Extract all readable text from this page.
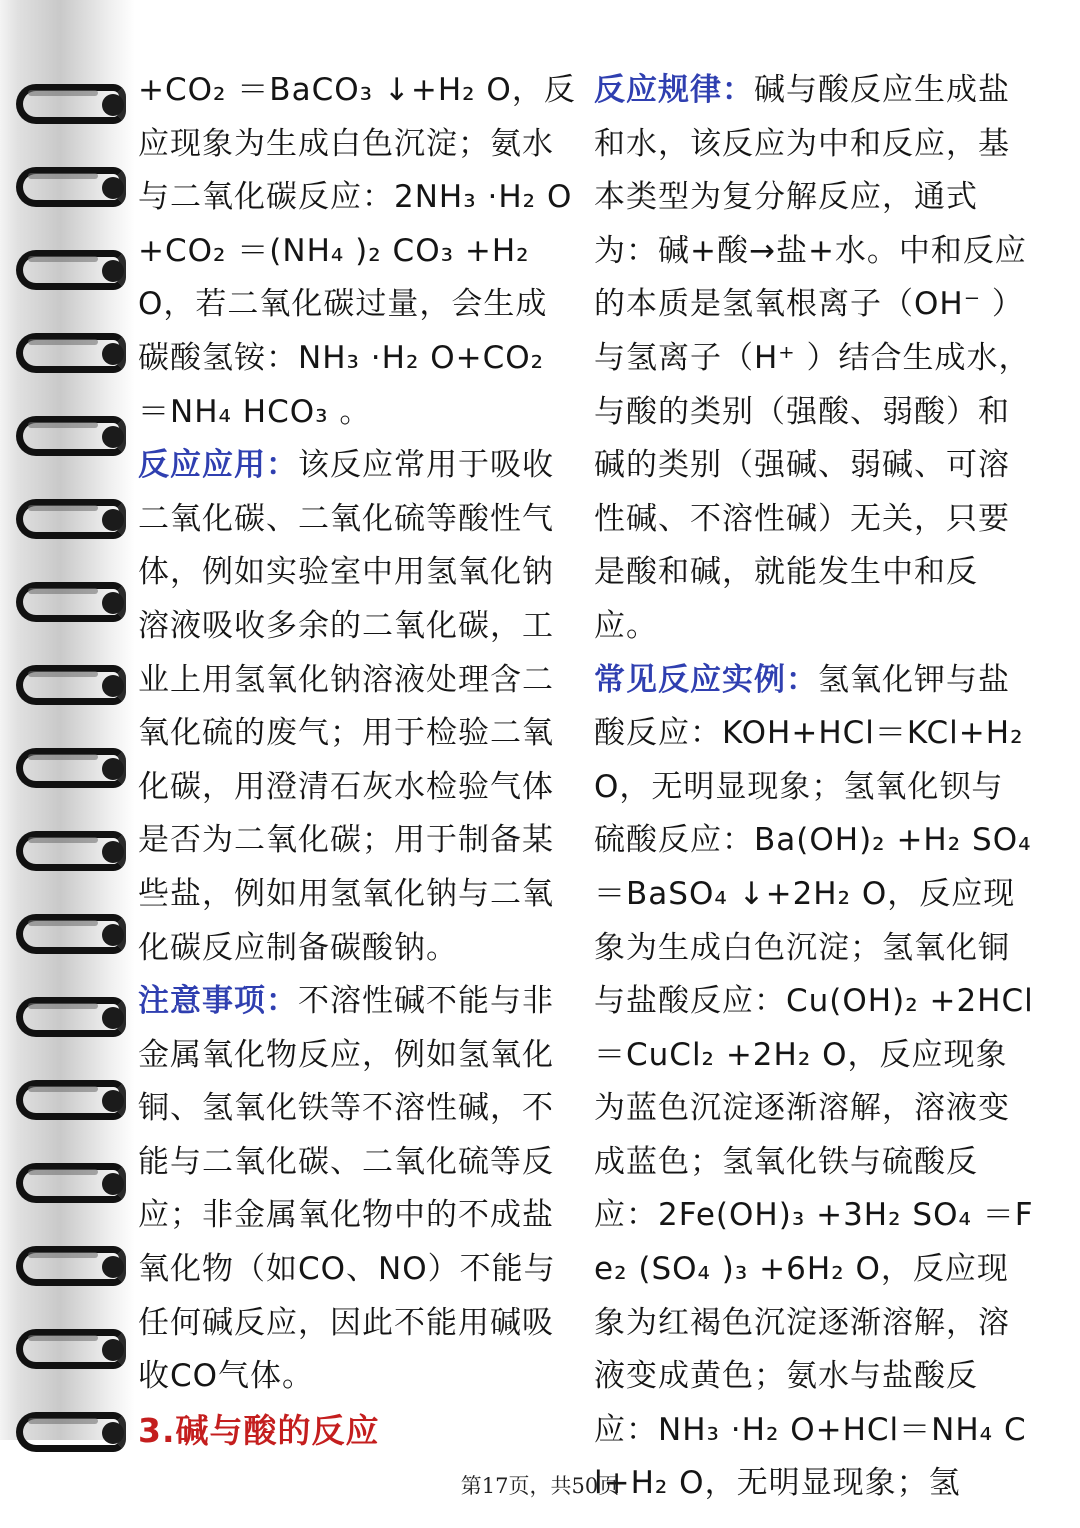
+CO₂ ＝BaCO₃ ↓+H₂ O，反应现象为生成白色沉淀；氨水与二氧化碳反应：2NH₃ ·H₂ O+CO₂ ＝(NH₄ )₂ CO₃ +H₂ O，若二氧化碳过量，会生成碳酸氢铵：NH₃ ·H₂ O+CO₂ ＝NH₄ HCO₃ 。

反应应用：该反应常用于吸收二氧化碳、二氧化硫等酸性气体，例如实验室中用氢氧化钠溶液吸收多余的二氧化碳，工业上用氢氧化钠溶液处理含二氧化硫的废气；用于检验二氧化碳，用澄清石灰水检验气体是否为二氧化碳；用于制备某些盐，例如用氢氧化钠与二氧化碳反应制备碳酸钠。

注意事项：不溶性碱不能与非金属氧化物反应，例如氢氧化铜、氢氧化铁等不溶性碱，不能与二氧化碳、二氧化硫等反应；非金属氧化物中的不成盐氧化物（如CO、NO）不能与任何碱反应，因此不能用碱吸收CO气体。

3.碱与酸的反应

反应规律：碱与酸反应生成盐和水，该反应为中和反应，基本类型为复分解反应，通式为：碱+酸→盐+水。中和反应的本质是氢氧根离子（OH⁻ ）与氢离子（H⁺ ）结合生成水，与酸的类别（强酸、弱酸）和碱的类别（强碱、弱碱、可溶性碱、不溶性碱）无关，只要是酸和碱，就能发生中和反应。

常见反应实例：氢氧化钾与盐酸反应：KOH+HCl＝KCl+H₂ O，无明显现象；氢氧化钡与硫酸反应：Ba(OH)₂ +H₂ SO₄ ＝BaSO₄ ↓+2H₂ O，反应现象为生成白色沉淀；氢氧化铜与盐酸反应：Cu(OH)₂ +2HCl＝CuCl₂ +2H₂ O，反应现象为蓝色沉淀逐渐溶解，溶液变成蓝色；氢氧化铁与硫酸反应：2Fe(OH)₃ +3H₂ SO₄ ＝Fe₂ (SO₄ )₃ +6H₂ O，反应现象为红褐色沉淀逐渐溶解，溶液变成黄色；氨水与盐酸反应：NH₃ ·H₂ O+HCl＝NH₄ Cl+H₂ O，无明显现象；氢

第17页，共50页
